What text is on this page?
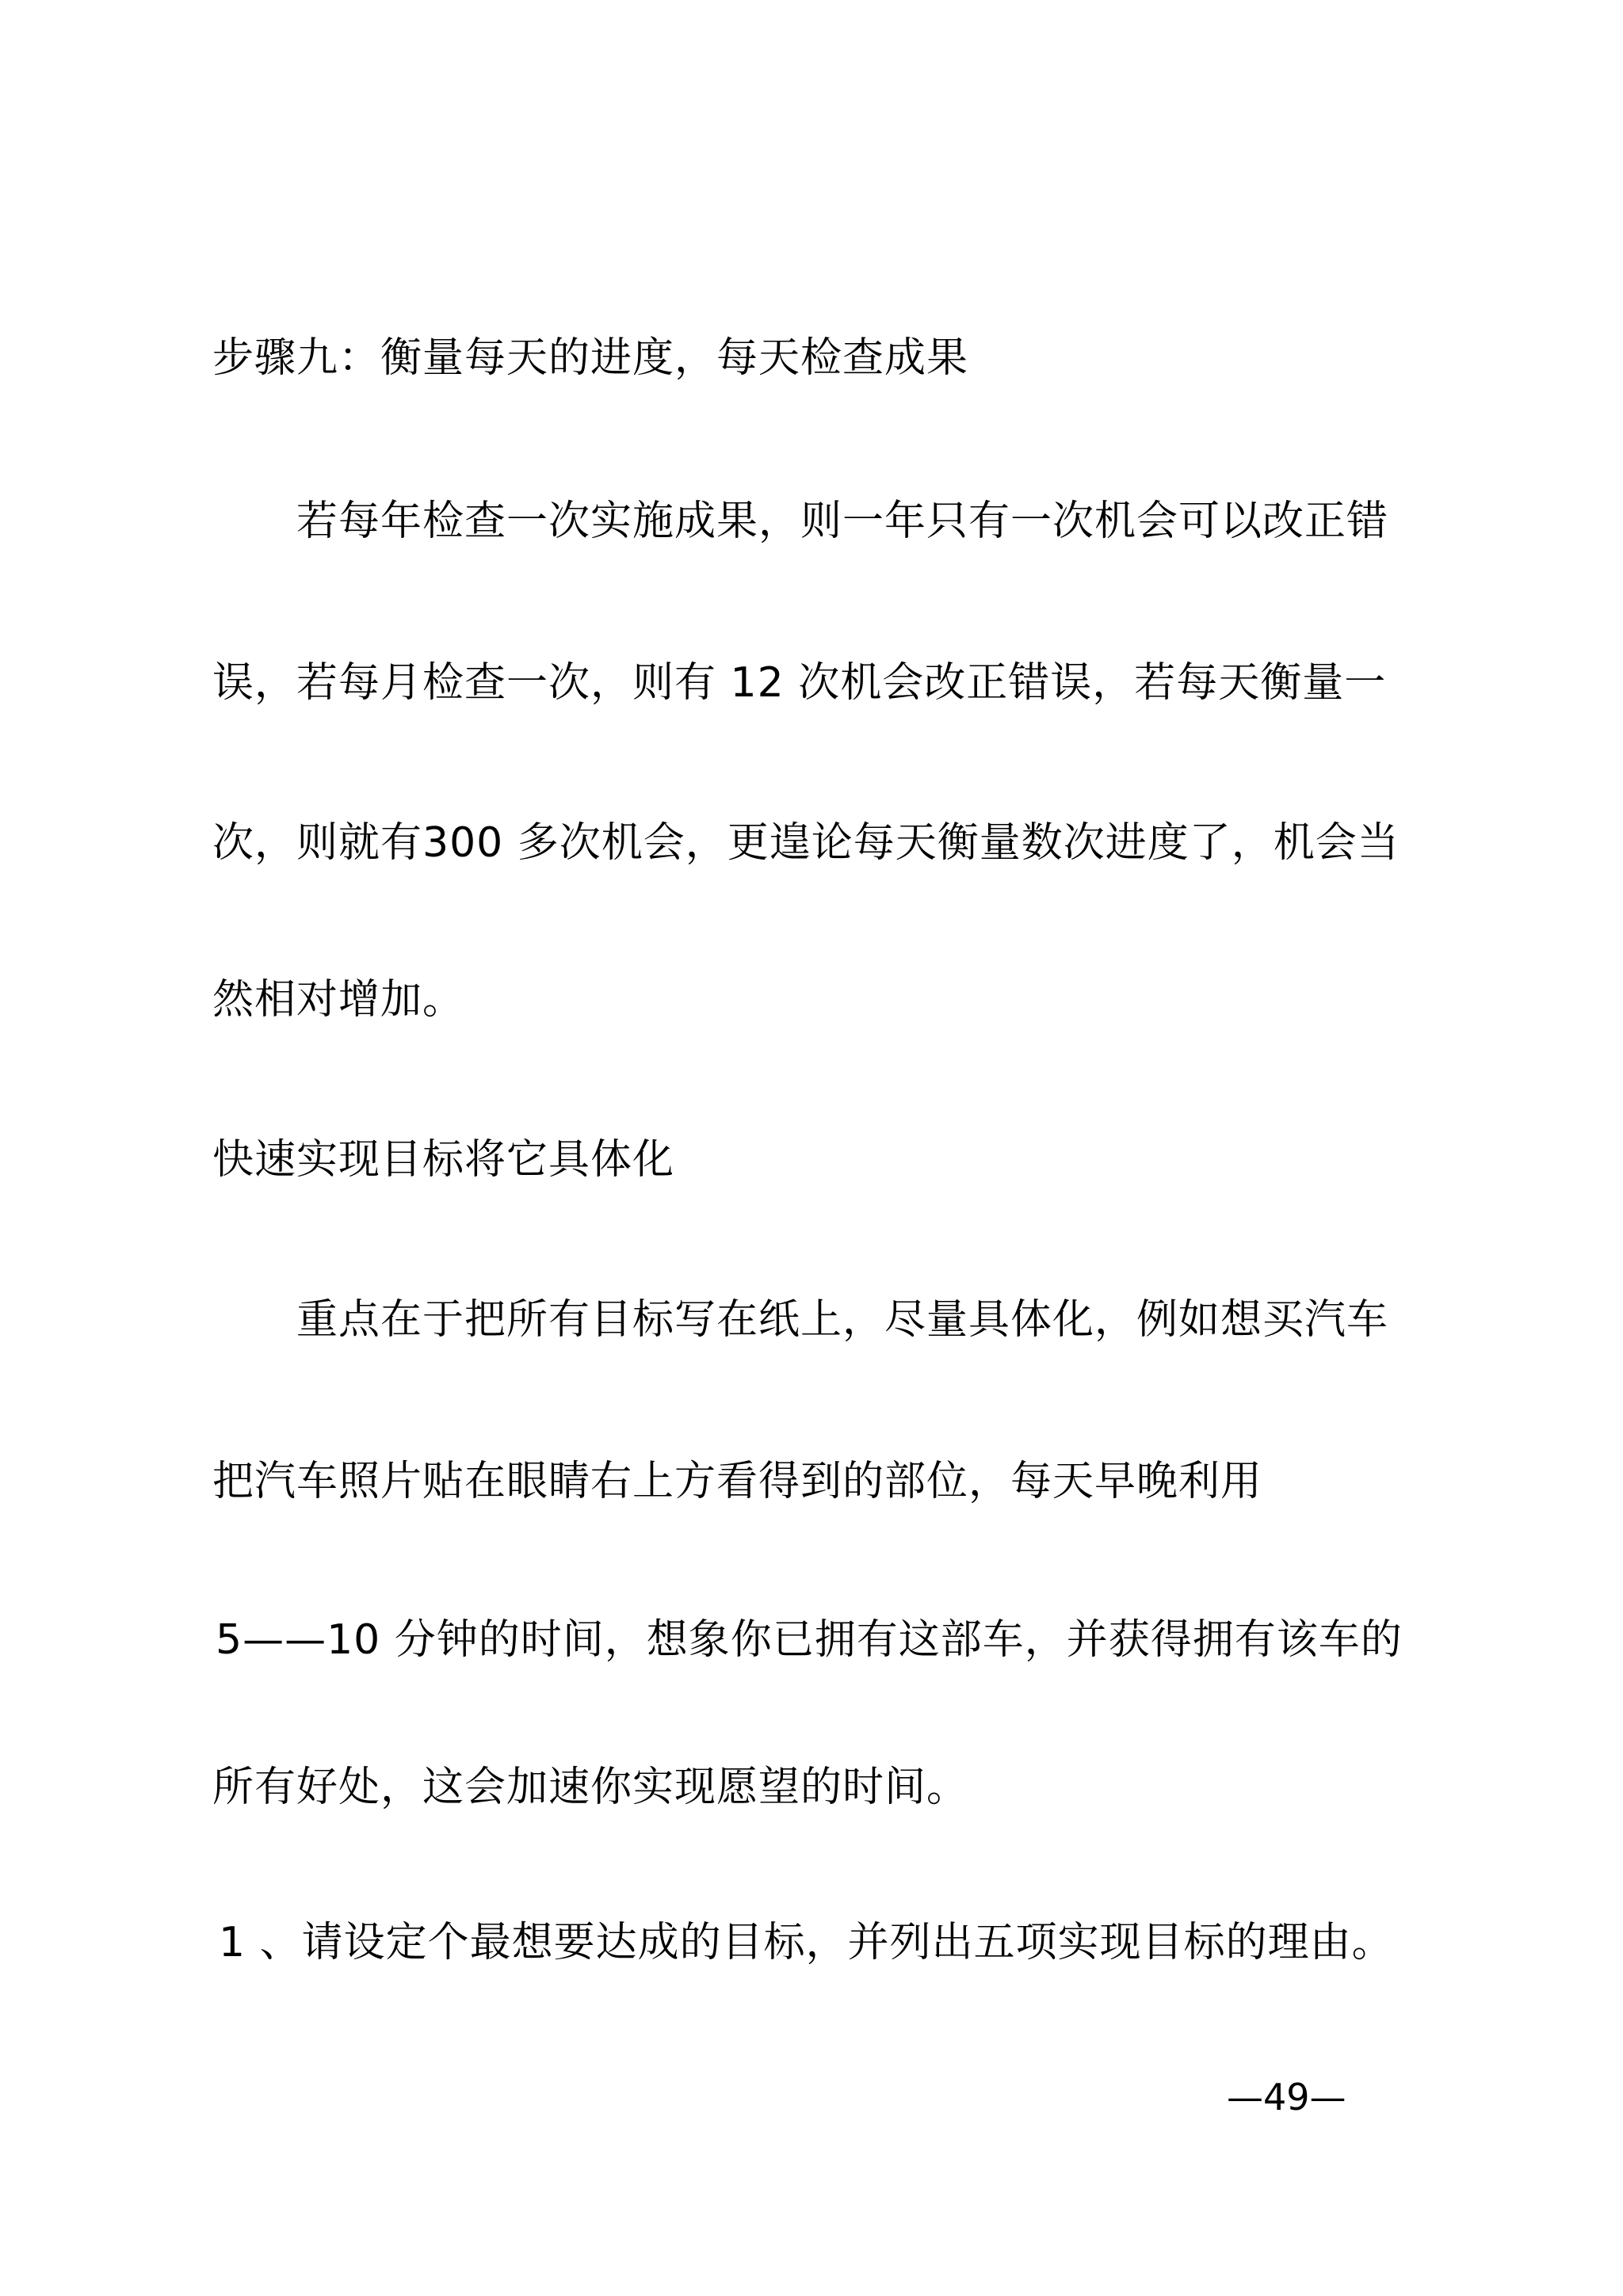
步骤九：衡量每天的进度，每天检查成果
若每年检查一次实施成果，则一年只有一次机会可以改正错
误，若每月检查一次，则有 12 次机会改正错误，若每天衡量一
次，则就有300 多次机会，更遑论每天衡量数次进度了，机会当
然相对增加。
快速实现目标将它具体化
重点在于把所有目标写在纸上，尽量具体化，例如想买汽车
把汽车照片贴在眼睛右上方看得到的部位，每天早晚利用
5——10 分钟的时间，想象你已拥有这部车，并获得拥有该车的
所有好处，这会加速你实现愿望的时间。
1 、请设定个最想要达成的目标，并列出五项实现目标的理由。
—49—
